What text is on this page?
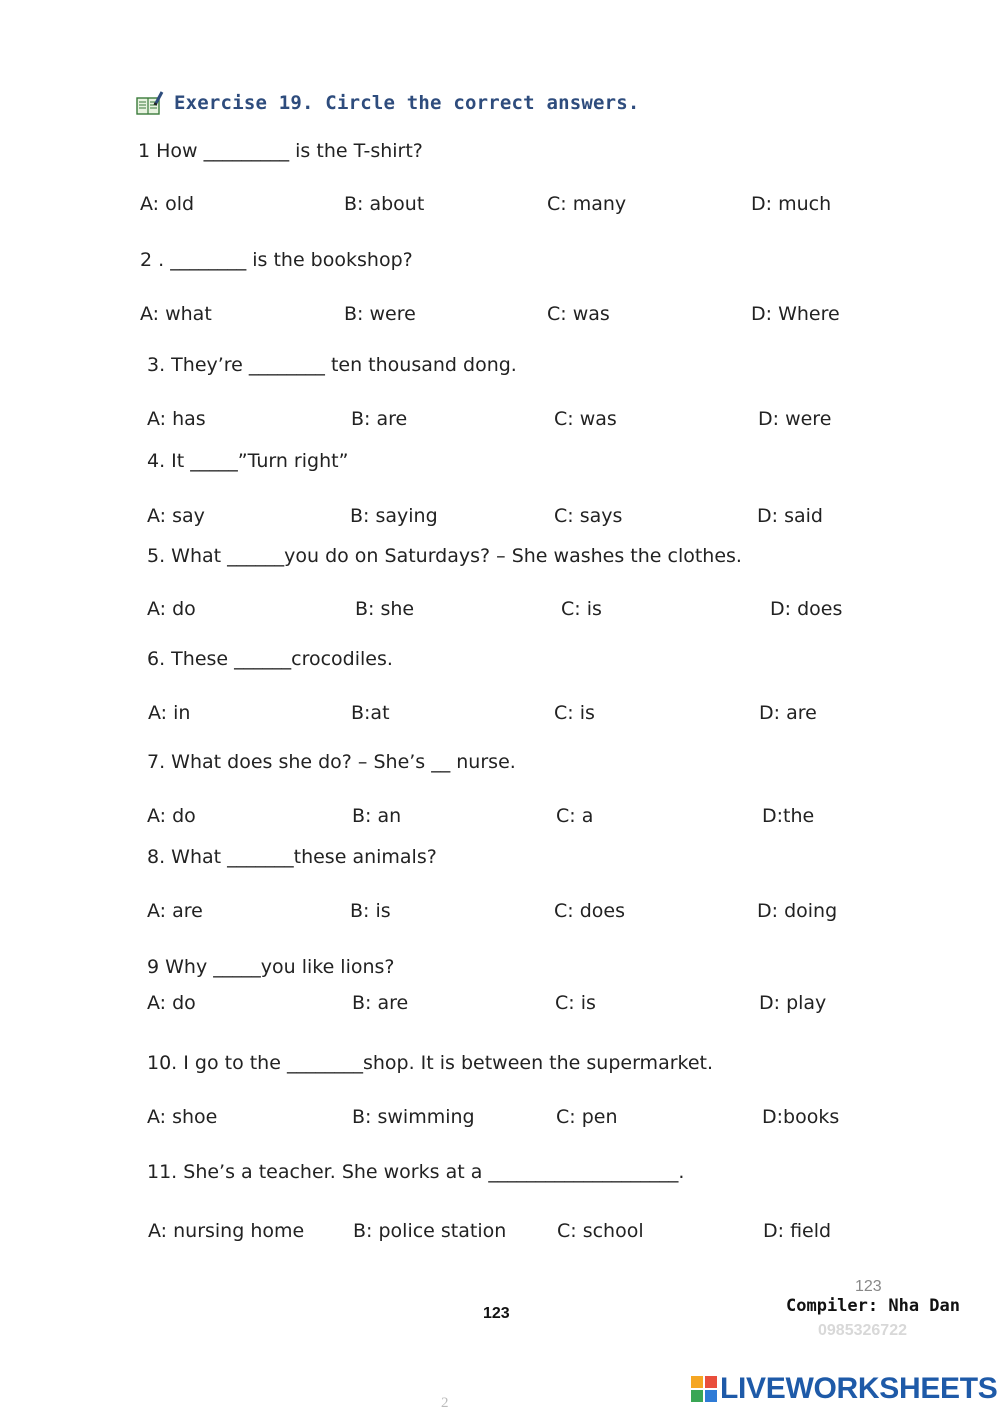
Exercise 19. Circle the correct answers.
1 How _________ is the T-shirt?
A: old	B: about	C: many	D: much
2 . ________ is the bookshop?
A: what	B: were	C: was	D: Where
3. They’re ________ ten thousand dong.
A: has	B: are	C: was	D: were
4. It _____”Turn right”
A: say	B: saying	C: says	D: said
5. What ______you do on Saturdays? – She washes the clothes.
A: do	B: she	C: is	D: does
6. These ______crocodiles.
A: in	B:at	C: is	D: are
7. What does she do? – She’s __ nurse.
A: do	B: an	C: a	D:the
8. What _______these animals?
A: are	B: is	C: does	D: doing
9 Why _____you like lions?
A: do	B: are	C: is	D: play
10. I go to the ________shop. It is between the supermarket.
A: shoe	B: swimming	C: pen	D:books
11. She’s a teacher. She works at a ____________________.
A: nursing home	B: police station	C: school	D: field
123
Compiler: Nha Dan
123
0985326722
2	LIVEWORKSHEETS
